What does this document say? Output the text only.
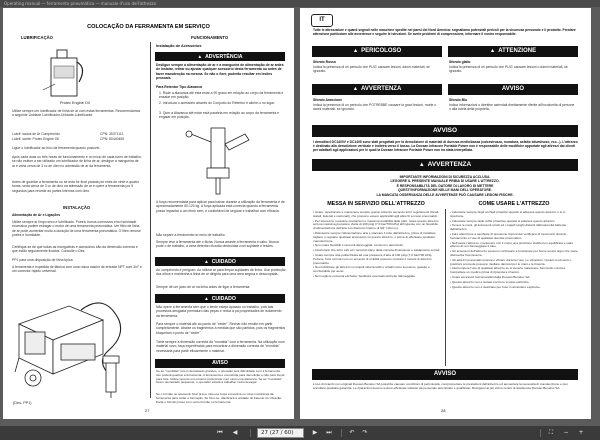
Operating manual — ferramenta pneumática — manuale d'uso dell'attrezzo
COLOCAÇÃO DA FERRAMENTA EM SERVIÇO
LUBRIFICAÇÃO	FUNCIONAMENTO
Protec Engine Oil
Utilize sempre um lubrificador de linha de ar com estas ferramentas. Recomendamos a seguinte Unidade Lubrificador-Unidade-Lubrificador
Lubrif. sados de Ar Comprimido:	CPN: 35371111
Lubrif. sante: Protec Engine Oil	CPN: 80440455
Ligue o lubrificador ao bico da ferramenta quanto possível.
Após cada duas ou três horas de funcionamento e no início de cada turno de trabalho, se não estiver a ser utilizado um lubrificador de linha de ar, desligue a mangueira de ar e verta cerca de 3 cc de óleo no admissão de ar da ferramenta.
Antes de guardar a ferramenta ou se esta for ficar parada por mais de vinte-e-quatro horas, verta cerca de 3 cc de óleo na admissão de ar e opere a ferramenta por 5 segundos para revestir as partes internas com óleo.
INSTALAÇÃO
Alimentação de Ar e Ligações
Utilize sempre ar limpo seco e lubrificado. Poeira, fumos corrosivos e/ou humidade excessiva podem estragar o motor de uma ferramenta pneumática. Um filtro de linha de ar pode aumentar muito a duração de uma ferramenta pneumática. O filtro remove poeira e humidade.
Certifique-se de que todas as mangueiras e acessórios são da dimensão correcta e que estão seguramente fixados. Consulte o Des.
PP1 para uma disposição de linha típica.
A ferramenta é expedida de fábrica com uma rosca macho de entrada NPT com 3/4" e um conector rápido universal.
(Des. PP1)
Instalação de Acessórios
▲ ADVERTÊNCIA
Desligue sempre a alimentação de ar e a mangueira de alimentação de ar antes de instalar, retirar ou ajustar qualquer acessório desta ferramenta ou antes de fazer manutenção na mesma. Se não o fizer, poderão resultar em lesões pessoais.
Para Retentor Tipo Alavanca
1. Rode a alavanca até esta estar a 90 graus em relação ao corpo da ferramenta e ensaiar em posição.
2. Introduza o acessório através do Conjunto do Retentor e alinhe-o no lugar.
3. Quer a Alavanca até estar está paralela em relação ao corpo da ferramenta e engatar em posição.
A força recomendada para aplicar para baixar durante a utilização da ferramenta é de aproximadamente 50-120 kg. A força aplicada está correcta quando a ferramenta possa impactar a um ritmo sem, e confortável de segurar e trabalhar com eficácia.
Não separe a ferramenta no meio de trabalho.
Sempre leve a ferramenta até o fiicha. Nunca arraste a ferramenta ir cabo. Nunca pode o de trabalho, a cima deterioro ficarão obstruídas com sujidade e lesões.
▲ CUIDADO
Ao comprimido e perigoso. Ao utilizar ar para limpar sujidades de linha. Use protecção dos olhos e mantenha a linha de ar dirigida para uma área segura e desocupada.
Sempre dê um jacto de ar na linha antes de ligar a ferramenta.
▲ CUIDADO
Não opere a ferramenta sem que o tiente esteja apoiado no trabalho, pois tais processos desgasta prematuro das peças e reduz a pa propriedades de isolamento da ferramenta.
Para sempre o material até ao ponto de "ceder". Rechar não recuite em partir completamente. Abaixe os fragmentos à medida que são partidos, pois os fragmentos bloqueiam o ponto de "ceder".
Tome sempre a dimensão correcta da "mordida" com a ferramenta. Na utilização num material novo, faça experiências para encontrar a dimensão correcta de "mordida" necessária para partir eficazmente o material.
AVISO
Se as "mordidas" forem demasiado grandes, o operador terá dificuldade com a ferramenta. Isto poderá quebrar a ferramenta. A ferramenta é concebida para demolição e não para forçar para fora. Utilize sempre uns pícaros para forçar num caso uma alavanca. Se as "mordidas" forem demasiado pequenas, o operador estará a trabalhar muito devagar.
Se o formão ou acessório ficar preso, não use força excessiva no rotas mecânicas da ferramenta para soltar a formação. Se fizer-se, danificará a unidade do batente do vibração. Parta o formão preso com outro formão ou ferramenta.
27
IT
Tutte le attrezzature e quanti segnali nelle macchine spedite nei paesi del Nord America: segnaliamo potenziali pericoli per la sicurezza personale e il prodotto. Prestare attenzione particolare alle avvertenze e seguire le istruzioni. Se avete problemi di comprensione, informare il vostro responsabile.
▲ PERICOLOSO	▲ ATTENZIONE
Sfondo Rosso
Indica la presenza di un pericolo che PUO' causare lesioni, danni materiali, se ignorato.
Sfondo giallo
Indica la presenza di un pericolo che PUO' causare lesioni o danni materiali, se ignorato.
▲ AVVERTENZA	AVVISO
Sfondo Arancione
Indica la presenza di un pericolo che POTREBBE causare la gravi lesioni, morte o danni materiali, se ignorato.
Sfondo Blu
Indica informazioni o direttive aziendali direttamente riferite all'incolumità di persone o alla tutela della proprietà.
AVVISO
I demolitori DC1400V e DC1405 sono stati progettati per la demolizione di materiali di durezza medio/bassa (calcestruzzo, muratura, asfalto bituminoso, ecc...). L'attrezzo è destinato alla demolizione verticale e indietra verso il basso. La Doosan Infracore Portable Power non è responsabile delle modifiche apportate agli attrezzi dai clienti per adattarli agli applicazioni per le quali la Doosan Infracore Portable Power non ha stata interpellata.
▲ AVVERTENZA
IMPORTANTE INFORMAZIONI DI SICUREZZA ACCLUSA.
LEGGERE IL PRESENTE MANUALE PRIMA DI USARE L'ATTREZZO.
È RESPONSABILITÀ DEL DATORE DI LAVORO DI METTERE
QUESTI'INFORMAZIONE NELLE MANI DELL'OPERATORE.
LA MANCATA OSSERVANZA DELLE AVVERTENZE PUÒ CAUSARE LESIONI FISICHE.
MESSA IN SERVIZIO DELL'ATTREZZO	COME USARE L'ATTREZZO
• Usare, ispezionare e mantenere sempre questo attrezzo secondo tutti i regolamenti (locali, statali, federali e nazionali), che possono essere applicabili agli attrezzi a mano pneumatici.
• Per sicurezza, massime prestazioni e massima durabilità delle parti, usare questo attrezzo ad una massima pressione d'aria di 100 psig (7,0 bar/700 kPa) all'ingresso con un flessibile di alimentazione dell'aria con diametro interno di 3/4" (19 mm).
• Disinserire sempre l'alimentazione aria e staccare il tubo dall'attrezzo, prima di installare, togliere o regolare qualsiasi accessorio su questo attrezzo, o prima di effettuare qualsiasi manutenzione.
• Non usare flessibili o raccordi danneggiati, consunti o deteriorati.
• Assicurarsi che tutti i tubi ed i raccordi siano della corretta dimensione e saldamente serrati.
• Usare sempre aria pulita filtrata ad una pressione d'aria di 100 psig (7,0 bar/700 kPa). Polvere, fumi corrosivi e/o un eccesso di umidità possono rovinare il motore di attrezzo pneumatico.
• Non lubrificare gli attrezzi con liquidi infiammabili o volatili come kerosene, gasolio o combustibile per aerei.
• Non togliere nessuna etichetta. Sostituire eventuali etichette danneggiate.
• Indossare sempre degli occhiali protettivi quando si adopera questo attrezzo o lo si ispeziona.
• Indossare sempre delle cuffie protettive quando si adopera questo attrezzo.
• Tenere le mani, gli indumenti sciolti ed i capelli lunghi distanti dall'estremità battente dell'attrezzo.
• Fare attenzione a cambiare di pressione improvvise verificarsi di movimenti durante l'avviamento e l'uso di qualsiasi utensile pneumatico.
• Nell'usare l'attrezzo, mantenere con il corpo una posizione stabile ben equilibrata e stare attento di non danneggiare il tubo.
• Gli accessori dell'attrezzo possono continuare a funzionare per breve tempo dopo che viene disinserita l'immissione.
• Gli attrezzi pneumatici possono vibrare durante l'uso. Le vibrazioni, ripetuti movimenti o posizioni scomode possono risultare dannosi per le mani e le braccia.
• Interrompere l'uso di qualsiasi attrezzo se si avverte malessere, formicolio o dolore. Interpellare un medico prima di riprendere il lavoro.
• Usare accessori raccomandati dalla Doosan Benelux SA.
• Questo attrezzo non è isolato contro le scosse elettriche.
• Questo attrezzo non è destinato per l'uso in atmosfere esplosive.
AVVISO
L'uso di ricambi non originali Doosan Benelux SA potrebbe causare condizioni di pericolosità, compromettere le prestazioni dell'attrezzo ed aumentare la necessità di manutenzione e può annullare qualsiasi garanzia. Le riparazioni devono essere effettuate soltanto da personale autorizzato e qualificato. Rivolgersi al più vicino centro di assistenza Doosan Benelux SA.
28
⏮	◀	27 (27 / 60)	▶	⏭	↶	↷	⛶	−	+
